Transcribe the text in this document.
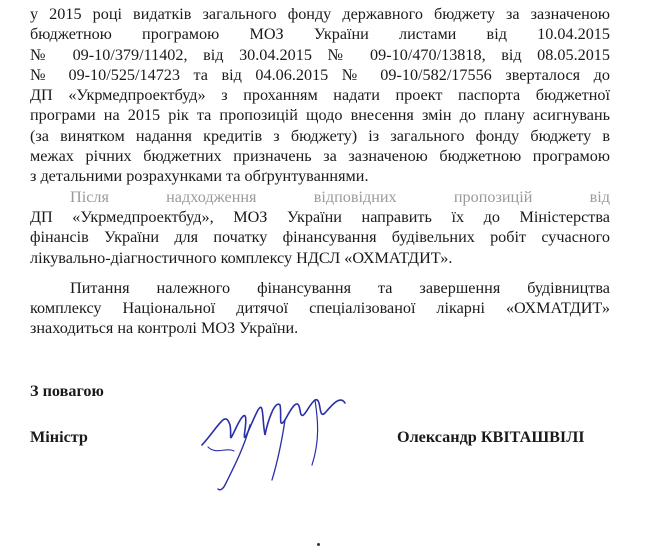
у 2015 році видатків загального фонду державного бюджету за зазначеною
бюджетною програмою МОЗ України листами від 10.04.2015
№ 09-10/379/11402, від 30.04.2015 № 09-10/470/13818, від 08.05.2015
№ 09-10/525/14723 та від 04.06.2015 № 09-10/582/17556 зверталося до
ДП «Укрмедпроектбуд» з проханням надати проект паспорта бюджетної
програми на 2015 рік та пропозицій щодо внесення змін до плану асигнувань
(за винятком надання кредитів з бюджету) із загального фонду бюджету в
межах річних бюджетних призначень за зазначеною бюджетною програмою
з детальними розрахунками та обґрунтуваннями.

Після надходження відповідних пропозицій від
ДП «Укрмедпроектбуд», МОЗ України направить їх до Міністерства
фінансів України для початку фінансування будівельних робіт сучасного
лікувально-діагностичного комплексу НДСЛ «ОХМАТДИТ».

Питання належного фінансування та завершення будівництва
комплексу Національної дитячої спеціалізованої лікарні «ОХМАТДИТ»
знаходиться на контролі МОЗ України.

З повагою
Міністр	Олександр КВІТАШВІЛІ
